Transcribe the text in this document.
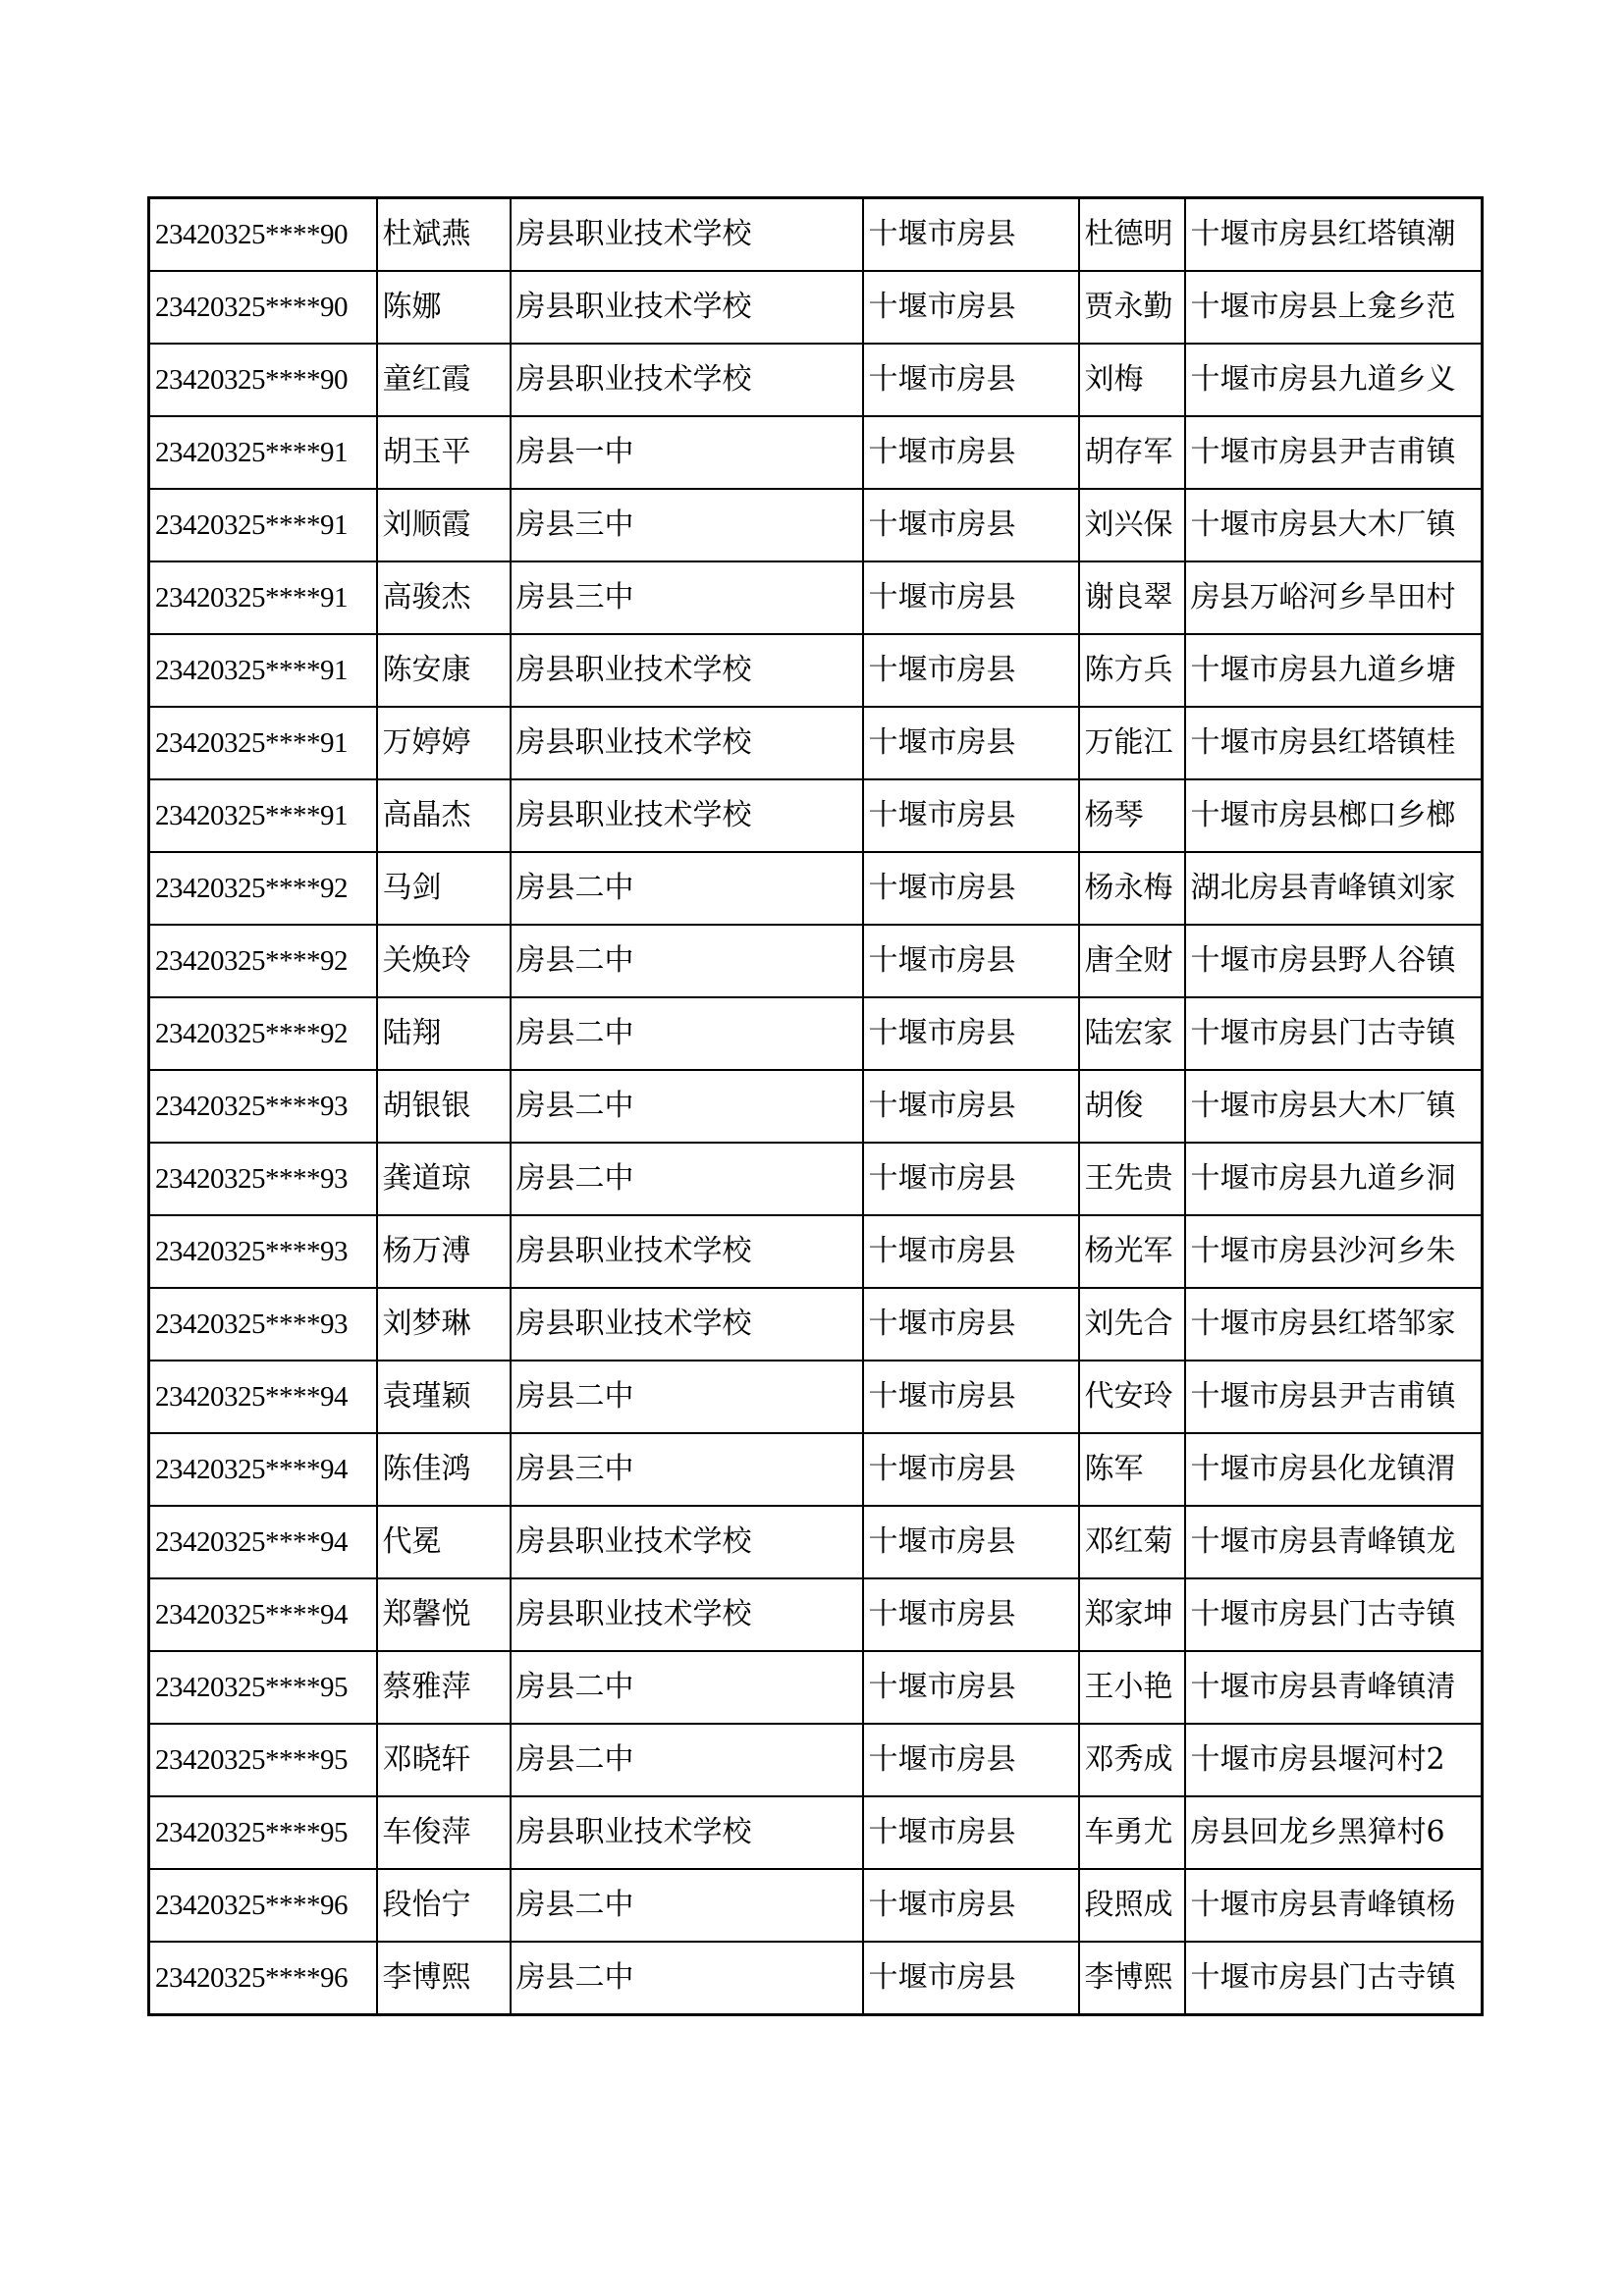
23420325****90	杜斌燕	房县职业技术学校	十堰市房县	杜德明	十堰市房县红塔镇潮
23420325****90	陈娜	房县职业技术学校	十堰市房县	贾永勤	十堰市房县上龛乡范
23420325****90	童红霞	房县职业技术学校	十堰市房县	刘梅	十堰市房县九道乡义
23420325****91	胡玉平	房县一中	十堰市房县	胡存军	十堰市房县尹吉甫镇
23420325****91	刘顺霞	房县三中	十堰市房县	刘兴保	十堰市房县大木厂镇
23420325****91	高骏杰	房县三中	十堰市房县	谢良翠	房县万峪河乡旱田村
23420325****91	陈安康	房县职业技术学校	十堰市房县	陈方兵	十堰市房县九道乡塘
23420325****91	万婷婷	房县职业技术学校	十堰市房县	万能江	十堰市房县红塔镇桂
23420325****91	高晶杰	房县职业技术学校	十堰市房县	杨琴	十堰市房县榔口乡榔
23420325****92	马剑	房县二中	十堰市房县	杨永梅	湖北房县青峰镇刘家
23420325****92	关焕玲	房县二中	十堰市房县	唐全财	十堰市房县野人谷镇
23420325****92	陆翔	房县二中	十堰市房县	陆宏家	十堰市房县门古寺镇
23420325****93	胡银银	房县二中	十堰市房县	胡俊	十堰市房县大木厂镇
23420325****93	龚道琼	房县二中	十堰市房县	王先贵	十堰市房县九道乡洞
23420325****93	杨万溥	房县职业技术学校	十堰市房县	杨光军	十堰市房县沙河乡朱
23420325****93	刘梦琳	房县职业技术学校	十堰市房县	刘先合	十堰市房县红塔邹家
23420325****94	袁瑾颖	房县二中	十堰市房县	代安玲	十堰市房县尹吉甫镇
23420325****94	陈佳鸿	房县三中	十堰市房县	陈军	十堰市房县化龙镇渭
23420325****94	代冕	房县职业技术学校	十堰市房县	邓红菊	十堰市房县青峰镇龙
23420325****94	郑馨悦	房县职业技术学校	十堰市房县	郑家坤	十堰市房县门古寺镇
23420325****95	蔡雅萍	房县二中	十堰市房县	王小艳	十堰市房县青峰镇清
23420325****95	邓晓轩	房县二中	十堰市房县	邓秀成	十堰市房县堰河村2
23420325****95	车俊萍	房县职业技术学校	十堰市房县	车勇尤	房县回龙乡黑獐村6
23420325****96	段怡宁	房县二中	十堰市房县	段照成	十堰市房县青峰镇杨
23420325****96	李博熙	房县二中	十堰市房县	李博熙	十堰市房县门古寺镇
